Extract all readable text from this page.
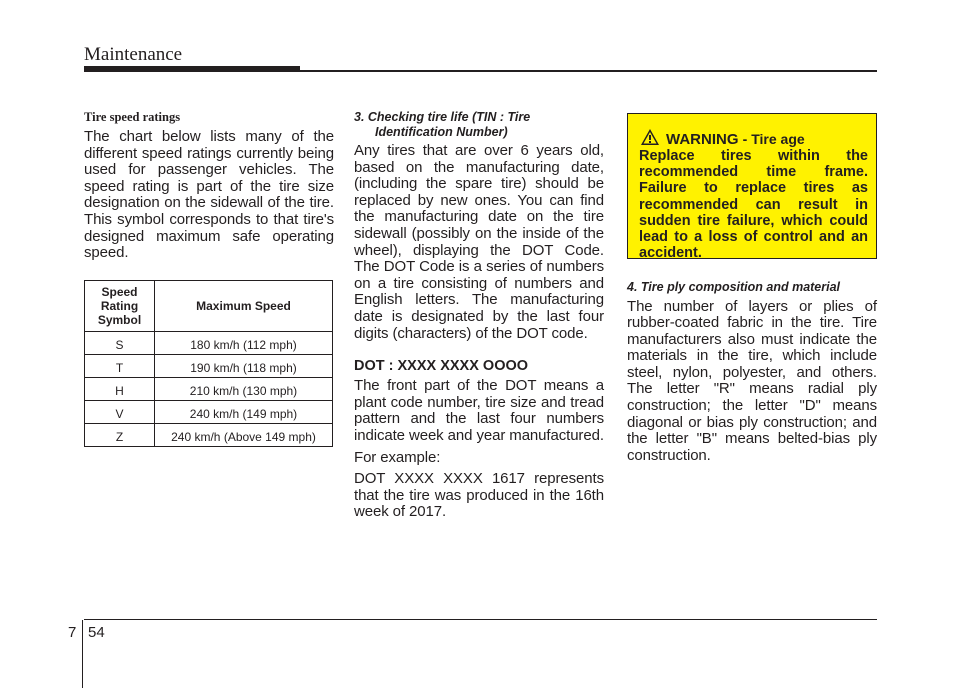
Maintenance

Tire speed ratings

The chart below lists many of the different speed ratings currently being used for passenger vehicles. The speed rating is part of the tire size designation on the sidewall of the tire. This symbol corresponds to that tire's designed maximum safe operating speed.

Speed Rating Symbol	Maximum Speed

S	180 km/h (112 mph)

T	190 km/h (118 mph)

H	210 km/h (130 mph)

V	240 km/h (149 mph)

Z	240 km/h (Above 149 mph)

3. Checking tire life (TIN : Tire
Identification Number)

Any tires that are over 6 years old, based on the manufacturing date, (including the spare tire) should be replaced by new ones. You can find the manufacturing date on the tire sidewall (possibly on the inside of the wheel), displaying the DOT Code. The DOT Code is a series of numbers on a tire consisting of numbers and English letters. The manufacturing date is designated by the last four digits (characters) of the DOT code.

DOT : XXXX XXXX OOOO

The front part of the DOT means a plant code number, tire size and tread pattern and the last four numbers indicate week and year manufactured.

For example:

DOT XXXX XXXX 1617 represents that the tire was produced in the 16th week of 2017.

WARNING
- Tire age
Replace tires within the recommended time frame. Failure to replace tires as recommended can result in sudden tire failure, which could lead to a loss of control and an accident.

4. Tire ply composition and material

The number of layers or plies of rubber-coated fabric in the tire. Tire manufacturers also must indicate the materials in the tire, which include steel, nylon, polyester, and others. The letter "R" means radial ply construction; the letter "D" means diagonal or bias ply construction; and the letter "B" means belted-bias ply construction.

7 54
